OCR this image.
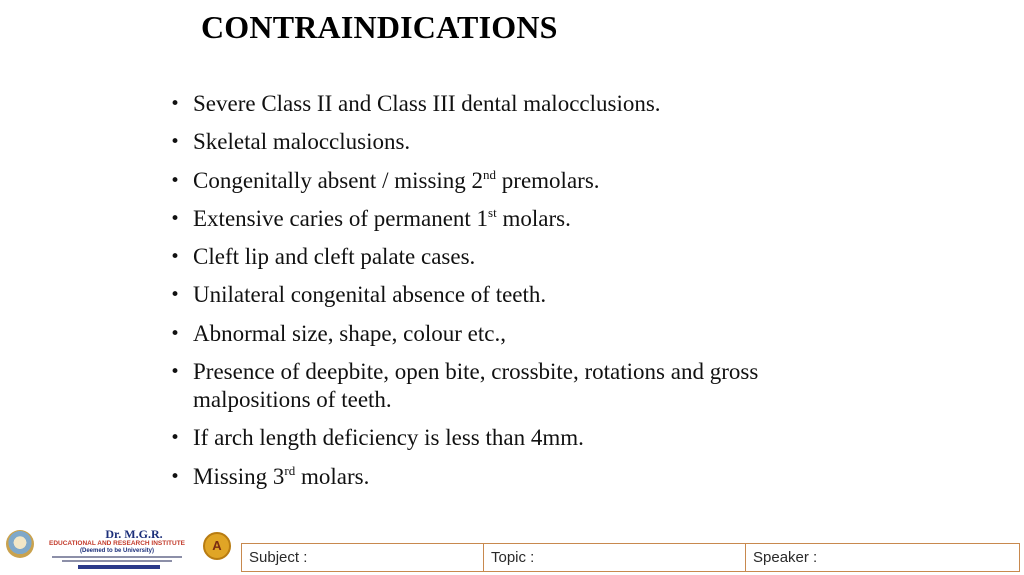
CONTRAINDICATIONS
• Severe Class II and Class III dental malocclusions.
• Skeletal malocclusions.
• Congenitally absent / missing 2nd premolars.
• Extensive caries of permanent 1st molars.
• Cleft lip and cleft palate cases.
• Unilateral congenital absence of teeth.
• Abnormal size, shape, colour etc.,
• Presence of deepbite, open bite, crossbite, rotations and gross malpositions of teeth.
• If arch length deficiency is less than 4mm.
• Missing 3rd molars.
Dr. M.G.R.
EDUCATIONAL AND RESEARCH INSTITUTE
(Deemed to be University)	A
Subject :	Topic :	Speaker :
